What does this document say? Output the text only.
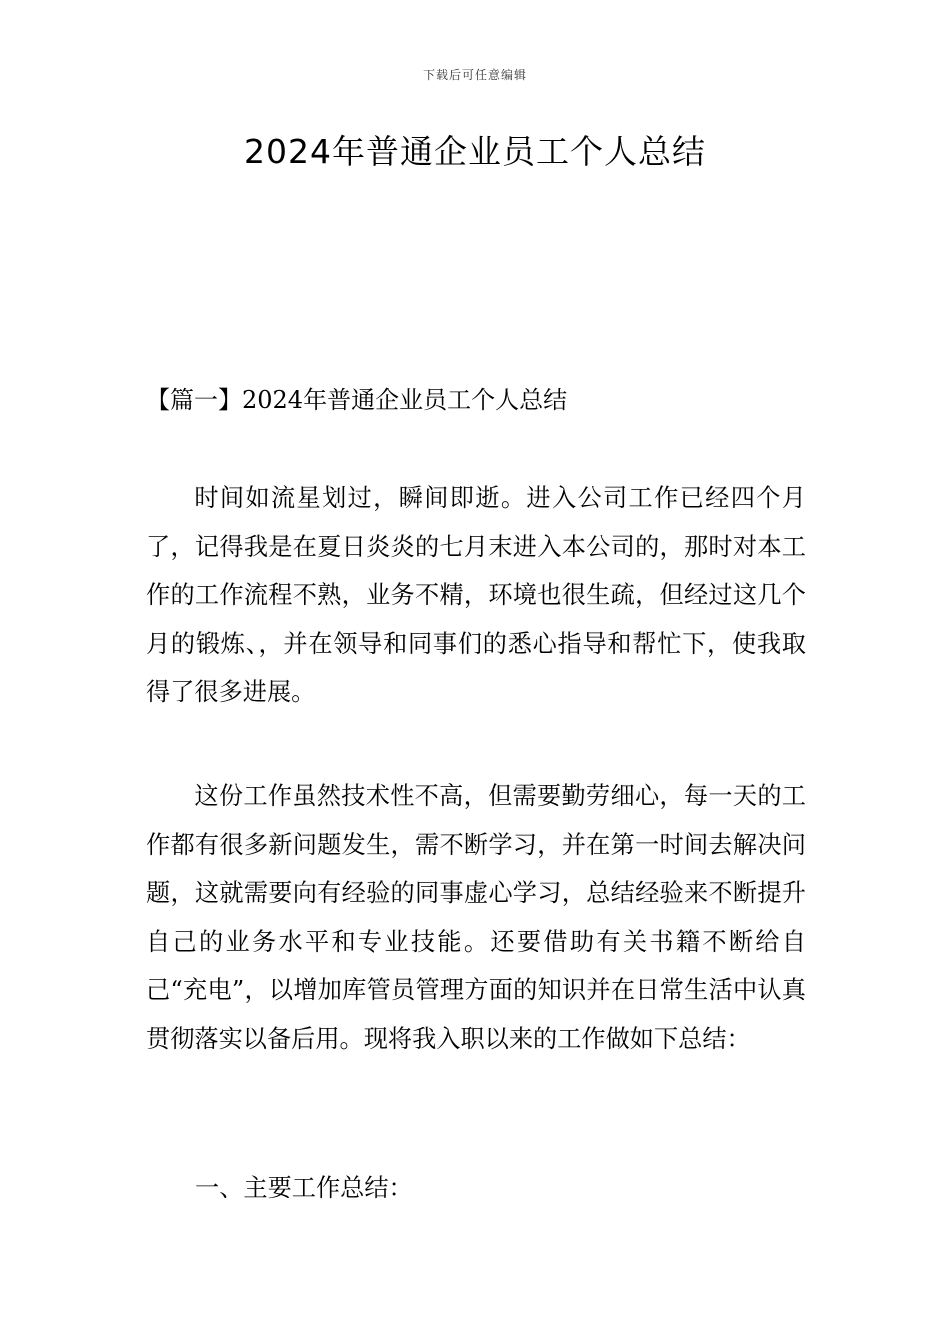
下载后可任意编辑
2024年普通企业员工个人总结
【篇一】2024年普通企业员工个人总结

时间如流星划过，瞬间即逝。进入公司工作已经四个月了，记得我是在夏日炎炎的七月末进入本公司的，那时对本工作的工作流程不熟，业务不精，环境也很生疏，但经过这几个月的锻炼、，并在领导和同事们的悉心指导和帮忙下，使我取得了很多进展。

这份工作虽然技术性不高，但需要勤劳细心，每一天的工作都有很多新问题发生，需不断学习，并在第一时间去解决问题，这就需要向有经验的同事虚心学习，总结经验来不断提升自己的业务水平和专业技能。还要借助有关书籍不断给自己“充电”，以增加库管员管理方面的知识并在日常生活中认真贯彻落实以备后用。现将我入职以来的工作做如下总结：

一、主要工作总结：
